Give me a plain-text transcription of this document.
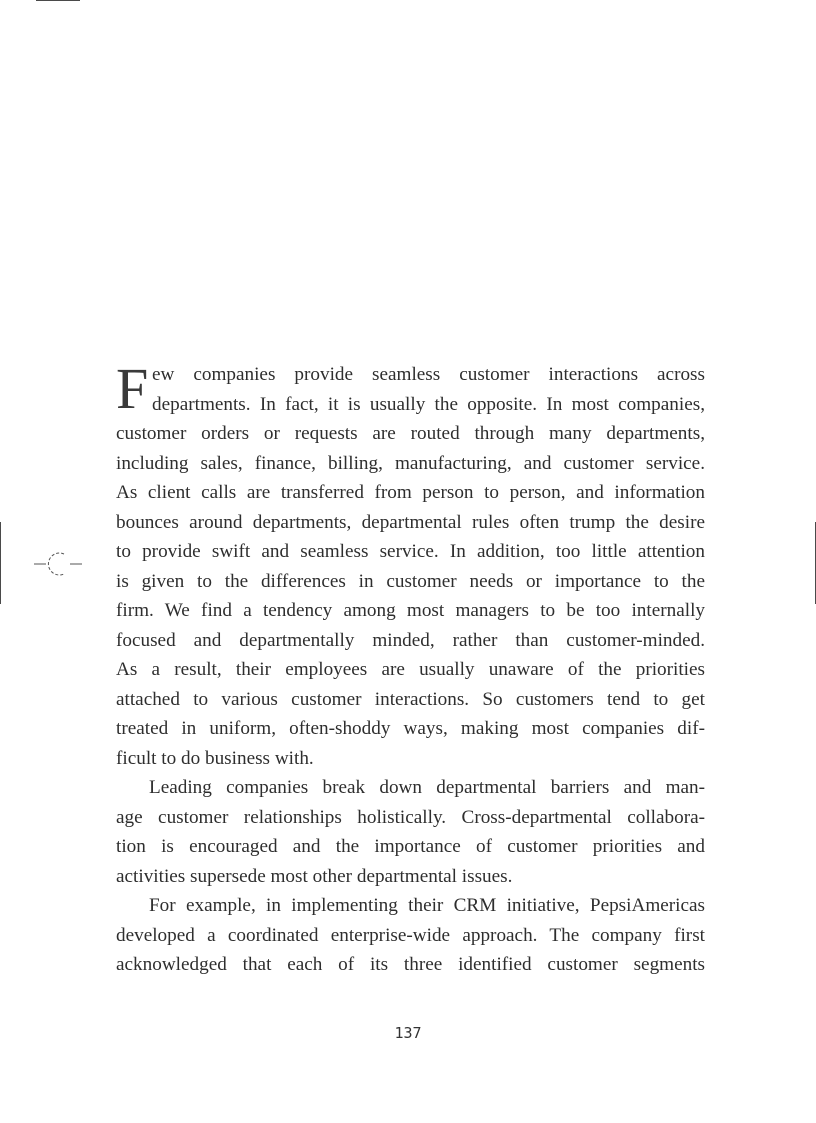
F ew companies provide seamless customer interactions across
departments. In fact, it is usually the opposite. In most companies,
customer orders or requests are routed through many departments,
including sales, finance, billing, manufacturing, and customer service.
As client calls are transferred from person to person, and information
bounces around departments, departmental rules often trump the desire
to provide swift and seamless service. In addition, too little attention
is given to the differences in customer needs or importance to the
firm. We find a tendency among most managers to be too internally
focused and departmentally minded, rather than customer-minded.
As a result, their employees are usually unaware of the priorities
attached to various customer interactions. So customers tend to get
treated in uniform, often-shoddy ways, making most companies dif-
ficult to do business with.
Leading companies break down departmental barriers and man-
age customer relationships holistically. Cross-departmental collabora-
tion is encouraged and the importance of customer priorities and
activities supersede most other departmental issues.
For example, in implementing their CRM initiative, PepsiAmericas
developed a coordinated enterprise-wide approach. The company first
acknowledged that each of its three identified customer segments
137
